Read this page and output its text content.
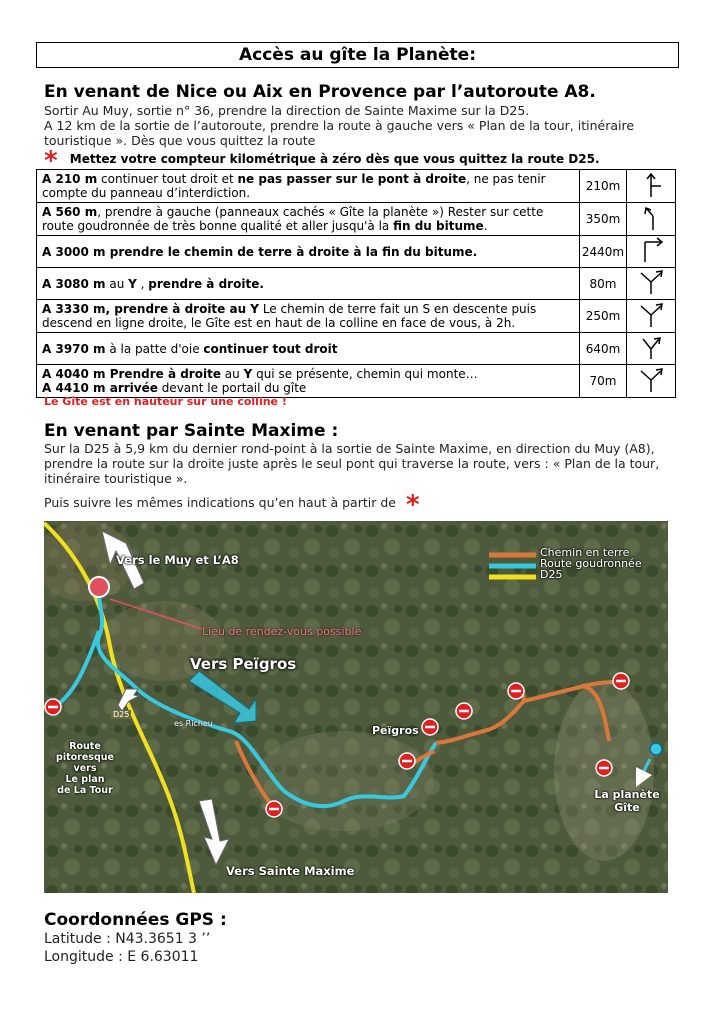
Accès au gîte la Planète:
En venant de Nice ou Aix en Provence par l’autoroute A8.
Sortir Au Muy, sortie n° 36, prendre la direction de Sainte Maxime sur la D25.
A 12 km de la sortie de l’autoroute, prendre la route à gauche vers « Plan de la tour, itinéraire
touristique ». Dès que vous quittez la route
* Mettez votre compteur kilométrique à zéro dès que vous quittez la route D25.
A 210 m continuer tout droit et ne pas passer sur le pont à droite, ne pas tenir compte du panneau d’interdiction.	210m	
A 560 m, prendre à gauche (panneaux cachés « Gîte la planète ») Rester sur cette route goudronnée de très bonne qualité et aller jusqu'à la fin du bitume.	350m	
A 3000 m prendre le chemin de terre à droite à la fin du bitume.	2440m	
A 3080 m au Y , prendre à droite.	80m	
A 3330 m, prendre à droite au Y Le chemin de terre fait un S en descente puis descend en ligne droite, le Gîte est en haut de la colline en face de vous, à 2h.	250m	
A 3970 m à la patte d'oie continuer tout droit	640m	
A 4040 m Prendre à droite au Y qui se présente, chemin qui monte…
A 4410 m arrivée devant le portail du gîte	70m	
Le Gîte est en hauteur sur une colline !
En venant par Sainte Maxime :
Sur la D25 à 5,9 km du dernier rond-point à la sortie de Sainte Maxime, en direction du Muy (A8),
prendre la route sur la droite juste après le seul pont qui traverse la route, vers : « Plan de la tour,
itinéraire touristique ».
Puis suivre les mêmes indications qu’en haut à partir de *
Vers le Muy et L’A8
Lieu de rendez-vous possible
Vers Peïgros
Peïgros
es Richeu
D25
Route
pitoresque
vers
Le plan
de La Tour
Vers Sainte Maxime
La planète
Gîte
Chemin en terre
Route goudronnée
D25
Coordonnées GPS :
Latitude : N43.3651 3 ’’
Longitude : E 6.63011
